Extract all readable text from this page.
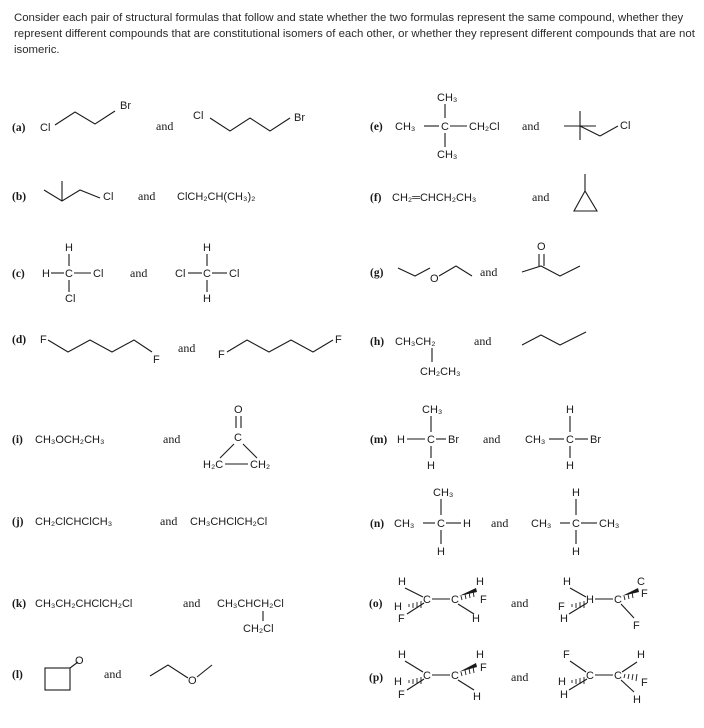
Consider each pair of structural formulas that follow and state whether the two formulas represent the same compound, whether they represent different compounds that are constitutional isomers of each other, or whether they represent different compounds that are not isomeric.

(a) Cl
Br
and
Cl	Br
(b)	Cl and ClCH₂CH(CH₃)₂
(c)
H
H C Cl
Cl
and
H
Cl C Cl
H
(d) F
F
and F
F
(i) CH₃OCH₂CH₃	and
O
C
H₂C CH₂
(j) CH₂ClCHClCH₃	and CH₃CHClCH₂Cl
(k) CH₃CH₂CHClCH₂Cl	and CH₃CHCH₂Cl
CH₂Cl
(l)
O
and	O
(e)
CH₃
CH₃ C CH₂Cl
CH₃
and	Cl
(f) CH₂═CHCH₂CH₃	and
(g)	O	and
O
(h) CH₃CH₂
CH₂CH₃
and
(m)
CH₃
H C Br
H
and
H
CH₃ C Br
H
(n)
CH₃
CH₃ C H
H
and
H
CH₃ C CH₃
H
(o)
H
H
C C
H
F
H
F
and
H
F
H C
C
F
F
H
(p)
H
H C C
H
F
H
F
and
F
H C C
H
F
H
H
